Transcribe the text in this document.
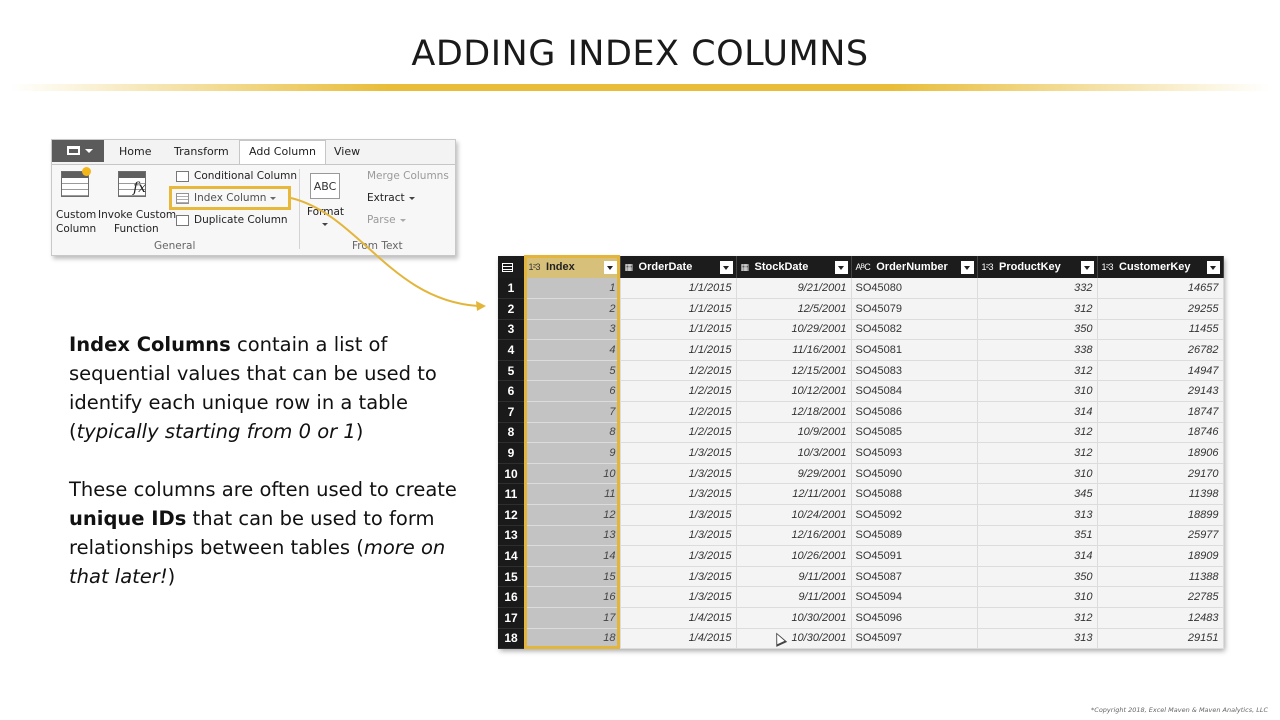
ADDING INDEX COLUMNS
Home Transform	Add Column	View
Custom
Column
fx
Invoke Custom
Function
Conditional Column
Index Column
Duplicate Column
General
ABC
Format
Merge Columns
Extract
Parse
From Text

Index Columns contain a list of sequential values that can be used to identify each unique row in a table (typically starting from 0 or 1)

These columns are often used to create unique IDs that can be used to form relationships between tables (more on that later!)

	1²3 Index	▦ OrderDate	▦ StockDate	AᴮC OrderNumber	1²3 ProductKey	1²3 CustomerKey

1	1	1/1/2015	9/21/2001	SO45080	332	14657
2	2	1/1/2015	12/5/2001	SO45079	312	29255
3	3	1/1/2015	10/29/2001	SO45082	350	11455
4	4	1/1/2015	11/16/2001	SO45081	338	26782
5	5	1/2/2015	12/15/2001	SO45083	312	14947
6	6	1/2/2015	10/12/2001	SO45084	310	29143
7	7	1/2/2015	12/18/2001	SO45086	314	18747
8	8	1/2/2015	10/9/2001	SO45085	312	18746
9	9	1/3/2015	10/3/2001	SO45093	312	18906
10	10	1/3/2015	9/29/2001	SO45090	310	29170
11	11	1/3/2015	12/11/2001	SO45088	345	11398
12	12	1/3/2015	10/24/2001	SO45092	313	18899
13	13	1/3/2015	12/16/2001	SO45089	351	25977
14	14	1/3/2015	10/26/2001	SO45091	314	18909
15	15	1/3/2015	9/11/2001	SO45087	350	11388
16	16	1/3/2015	9/11/2001	SO45094	310	22785
17	17	1/4/2015	10/30/2001	SO45096	312	12483
18	18	1/4/2015	10/30/2001	SO45097	313	29151
*Copyright 2018, Excel Maven & Maven Analytics, LLC
